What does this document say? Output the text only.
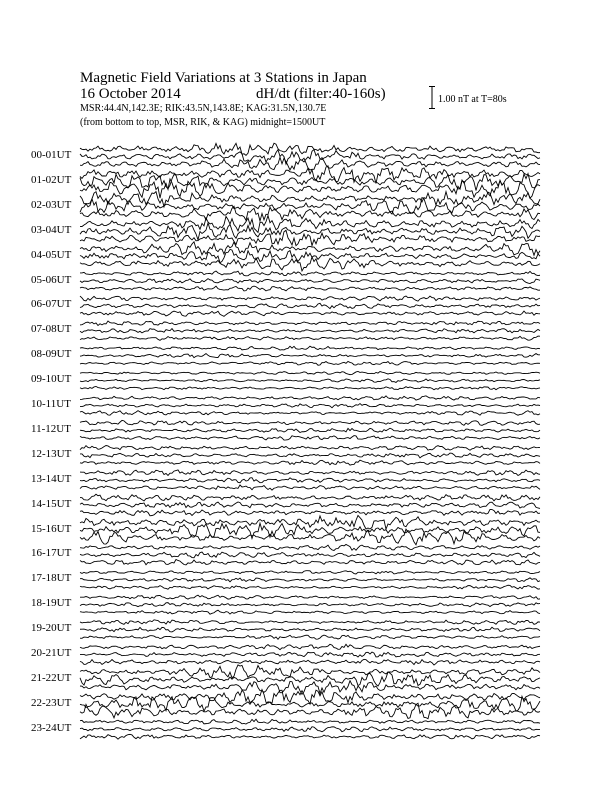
Magnetic Field Variations at 3 Stations in Japan
16 October 2014	dH/dt (filter:40-160s)
MSR:44.4N,142.3E; RIK:43.5N,143.8E; KAG:31.5N,130.7E
(from bottom to top, MSR, RIK, & KAG) midnight=1500UT
1.00 nT at T=80s
00-01UT
01-02UT
02-03UT
03-04UT
04-05UT
05-06UT
06-07UT
07-08UT
08-09UT
09-10UT
10-11UT
11-12UT
12-13UT
13-14UT
14-15UT
15-16UT
16-17UT
17-18UT
18-19UT
19-20UT
20-21UT
21-22UT
22-23UT
23-24UT
